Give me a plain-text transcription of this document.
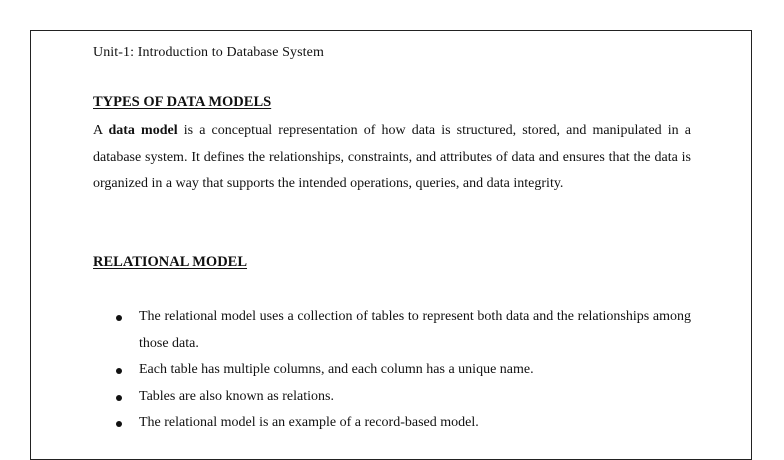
Unit-1: Introduction to Database System
TYPES OF DATA MODELS
A data model is a conceptual representation of how data is structured, stored, and manipulated in a database system. It defines the relationships, constraints, and attributes of data and ensures that the data is organized in a way that supports the intended operations, queries, and data integrity.
RELATIONAL MODEL
The relational model uses a collection of tables to represent both data and the relationships among those data.
Each table has multiple columns, and each column has a unique name.
Tables are also known as relations.
The relational model is an example of a record-based model.
